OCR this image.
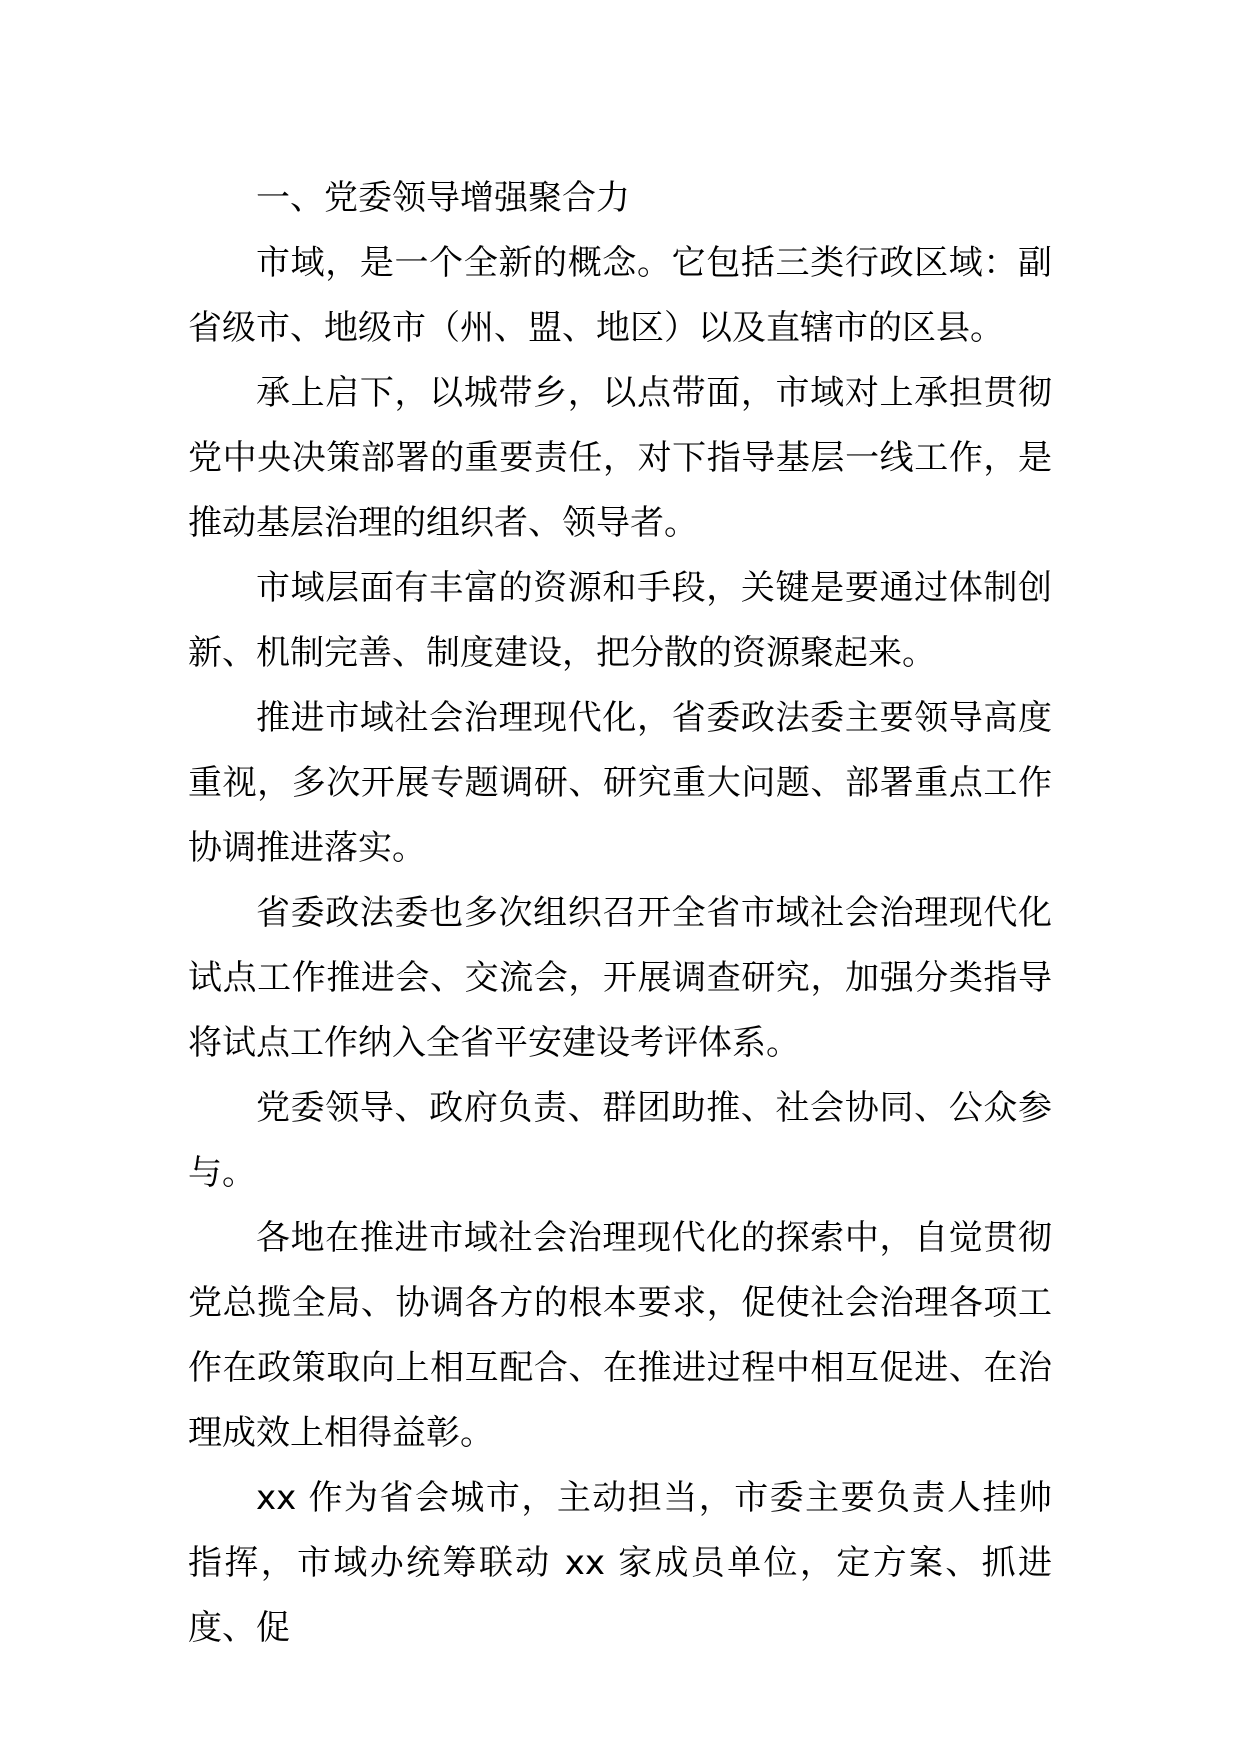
一、党委领导增强聚合力

市域，是一个全新的概念。它包括三类行政区域：副省级市、地级市（州、盟、地区）以及直辖市的区县。

承上启下，以城带乡，以点带面，市域对上承担贯彻党中央决策部署的重要责任，对下指导基层一线工作，是推动基层治理的组织者、领导者。

市域层面有丰富的资源和手段，关键是要通过体制创新、机制完善、制度建设，把分散的资源聚起来。

推进市域社会治理现代化，省委政法委主要领导高度重视，多次开展专题调研、研究重大问题、部署重点工作协调推进落实。

省委政法委也多次组织召开全省市域社会治理现代化试点工作推进会、交流会，开展调查研究，加强分类指导将试点工作纳入全省平安建设考评体系。

党委领导、政府负责、群团助推、社会协同、公众参与。

各地在推进市域社会治理现代化的探索中，自觉贯彻党总揽全局、协调各方的根本要求，促使社会治理各项工作在政策取向上相互配合、在推进过程中相互促进、在治理成效上相得益彰。

xx 作为省会城市，主动担当，市委主要负责人挂帅指挥，市域办统筹联动 xx 家成员单位，定方案、抓进度、促
